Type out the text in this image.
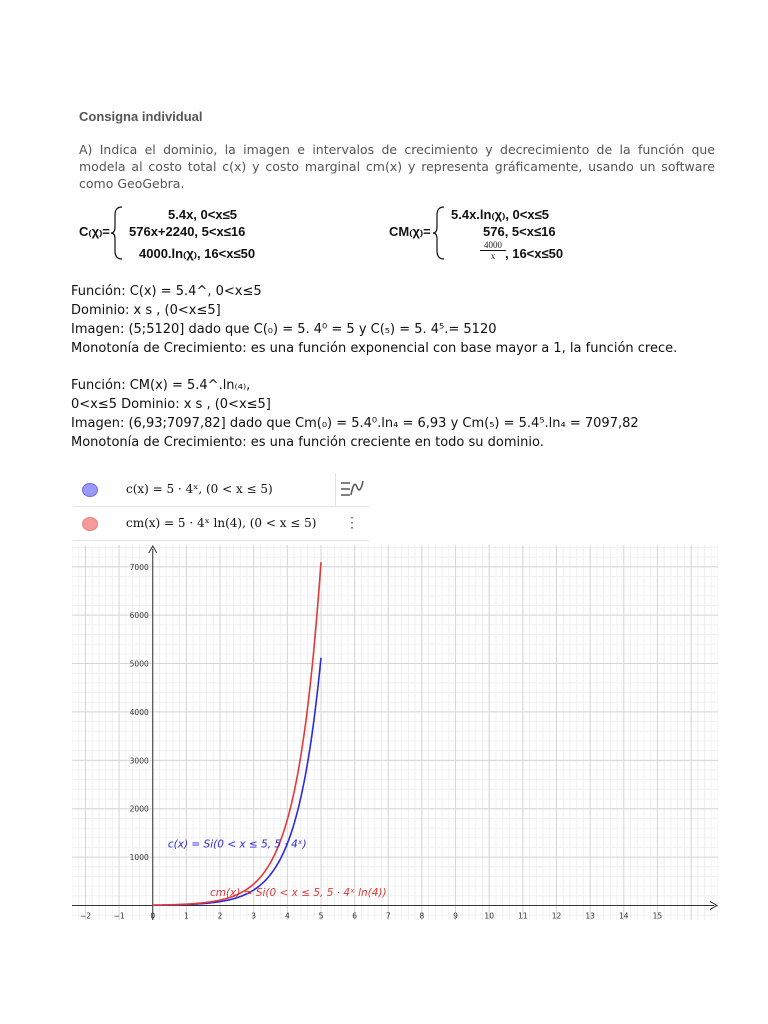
Consigna individual
A) Indica el dominio, la imagen e intervalos de crecimiento y decrecimiento de la función que modela al costo total c(x) y costo marginal cm(x) y representa gráficamente, usando un software como GeoGebra.
C₍χ₎=
5.4x, 0<x≤5
576x+2240, 5<x≤16
4000.ln₍χ₎, 16<x≤50
CM₍χ₎=
5.4x.ln₍χ₎, 0<x≤5
576, 5<x≤16
$\frac{4000}{x}$ , 16<x≤50
Función: C(x) = 5.4^, 0<x≤5
Dominio: x s , (0<x≤5]
Imagen: (5;5120] dado que C(₀) = 5. 4⁰ = 5 y C(₅) = 5. 4⁵.= 5120
Monotonía de Crecimiento: es una función exponencial con base mayor a 1, la función crece.
Función: CM(x) = 5.4^.ln₍₄₎,
0<x≤5 Dominio: x s , (0<x≤5]
Imagen: (6,93;7097,82] dado que Cm(₀) = 5.4⁰.ln₄ = 6,93 y Cm(₅) = 5.4⁵.ln₄ = 7097,82
Monotonía de Crecimiento: es una función creciente en todo su dominio.
c(x) = 5 · 4ˣ, (0 < x ≤ 5)
cm(x) = 5 · 4ˣ ln(4), (0 < x ≤ 5)	⋮
−2	−1	0	1	2	3	4	5	6	7	8	9	10	11	12	13	14	15
1000
2000
3000
4000
5000
6000
7000
c(x) = Si(0 < x ≤ 5, 5 · 4ˣ)
cm(x) = Si(0 < x ≤ 5, 5 · 4ˣ ln(4))
